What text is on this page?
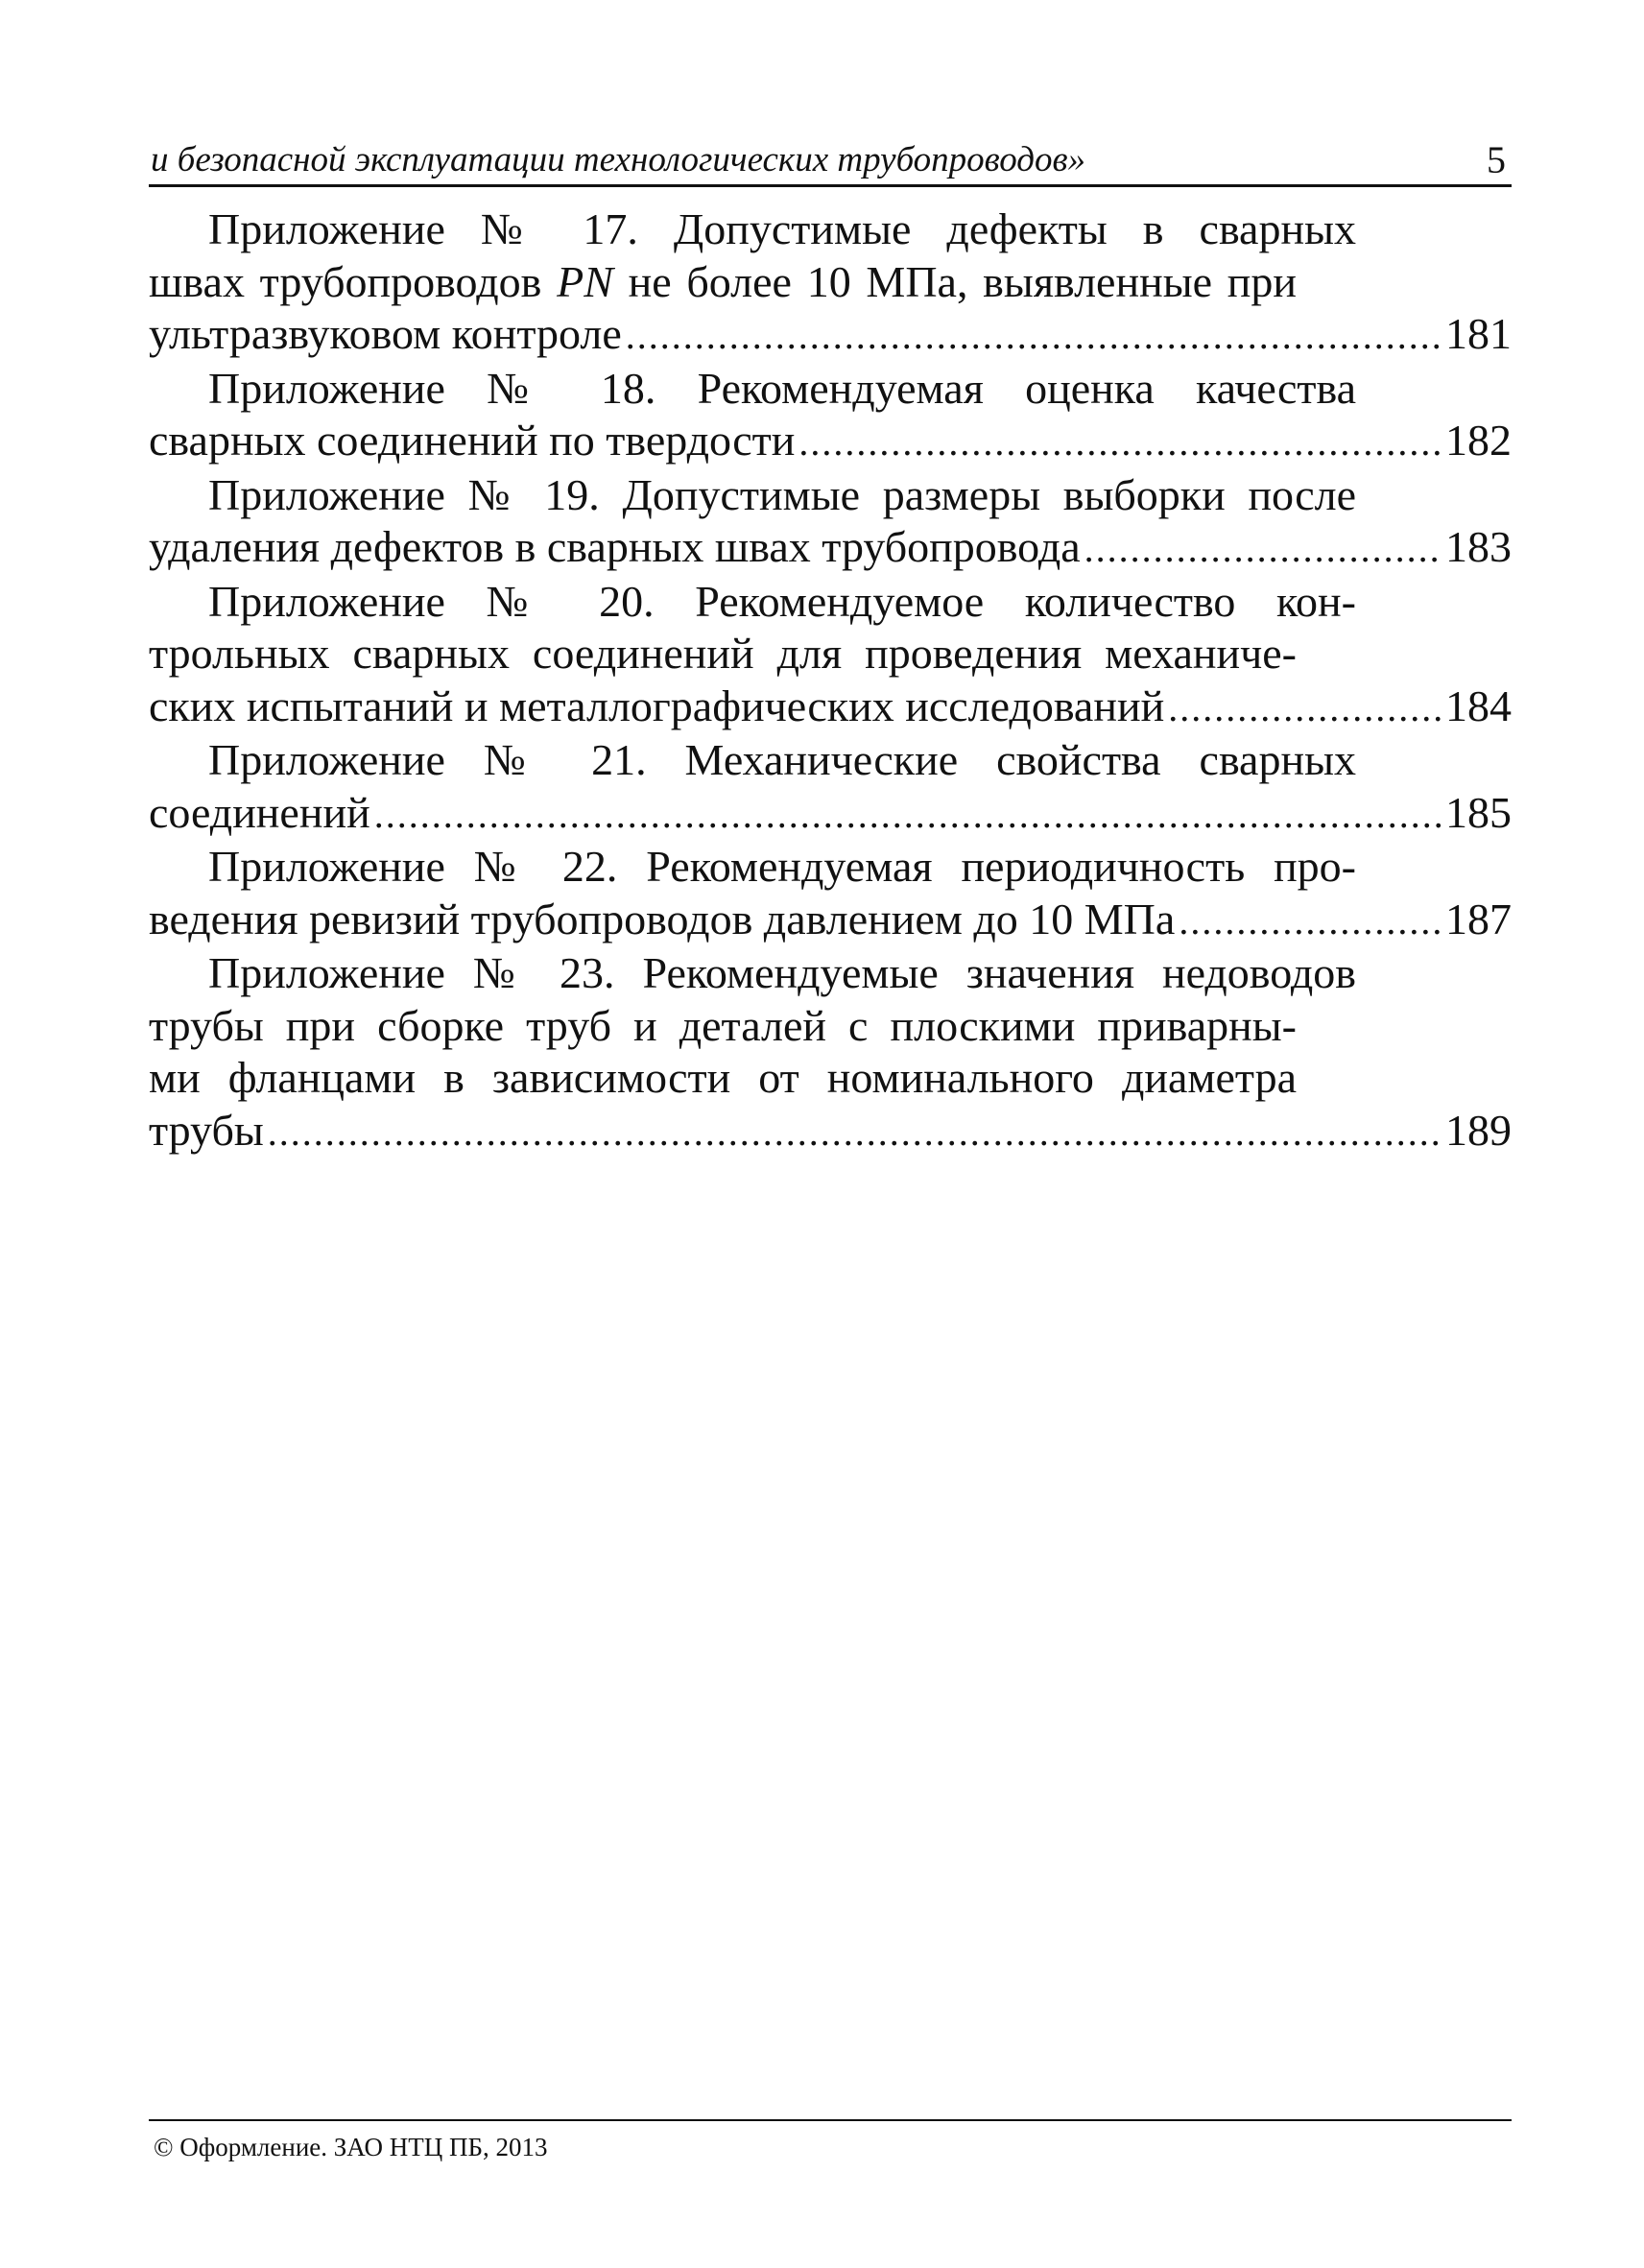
и безопасной эксплуатации технологических трубопроводов»	5
Приложение № 17. Допустимые дефекты в сварных
швах трубопроводов PN не более 10 МПа, выявленные при
ультразвуковом контроле .....	181
Приложение № 18. Рекомендуемая оценка качества
сварных соединений по твердости .....	182
Приложение № 19. Допустимые размеры выборки после
удаления дефектов в сварных швах трубопровода .....	183
Приложение № 20. Рекомендуемое количество кон-
трольных сварных соединений для проведения механиче-
ских испытаний и металлографических исследований .....	184
Приложение № 21. Механические свойства сварных
соединений .....	185
Приложение № 22. Рекомендуемая периодичность про-
ведения ревизий трубопроводов давлением до 10 МПа .....	187
Приложение № 23. Рекомендуемые значения недоводов
трубы при сборке труб и деталей с плоскими приварны-
ми фланцами в зависимости от номинального диаметра
трубы .....	189
© Оформление. ЗАО НТЦ ПБ, 2013
